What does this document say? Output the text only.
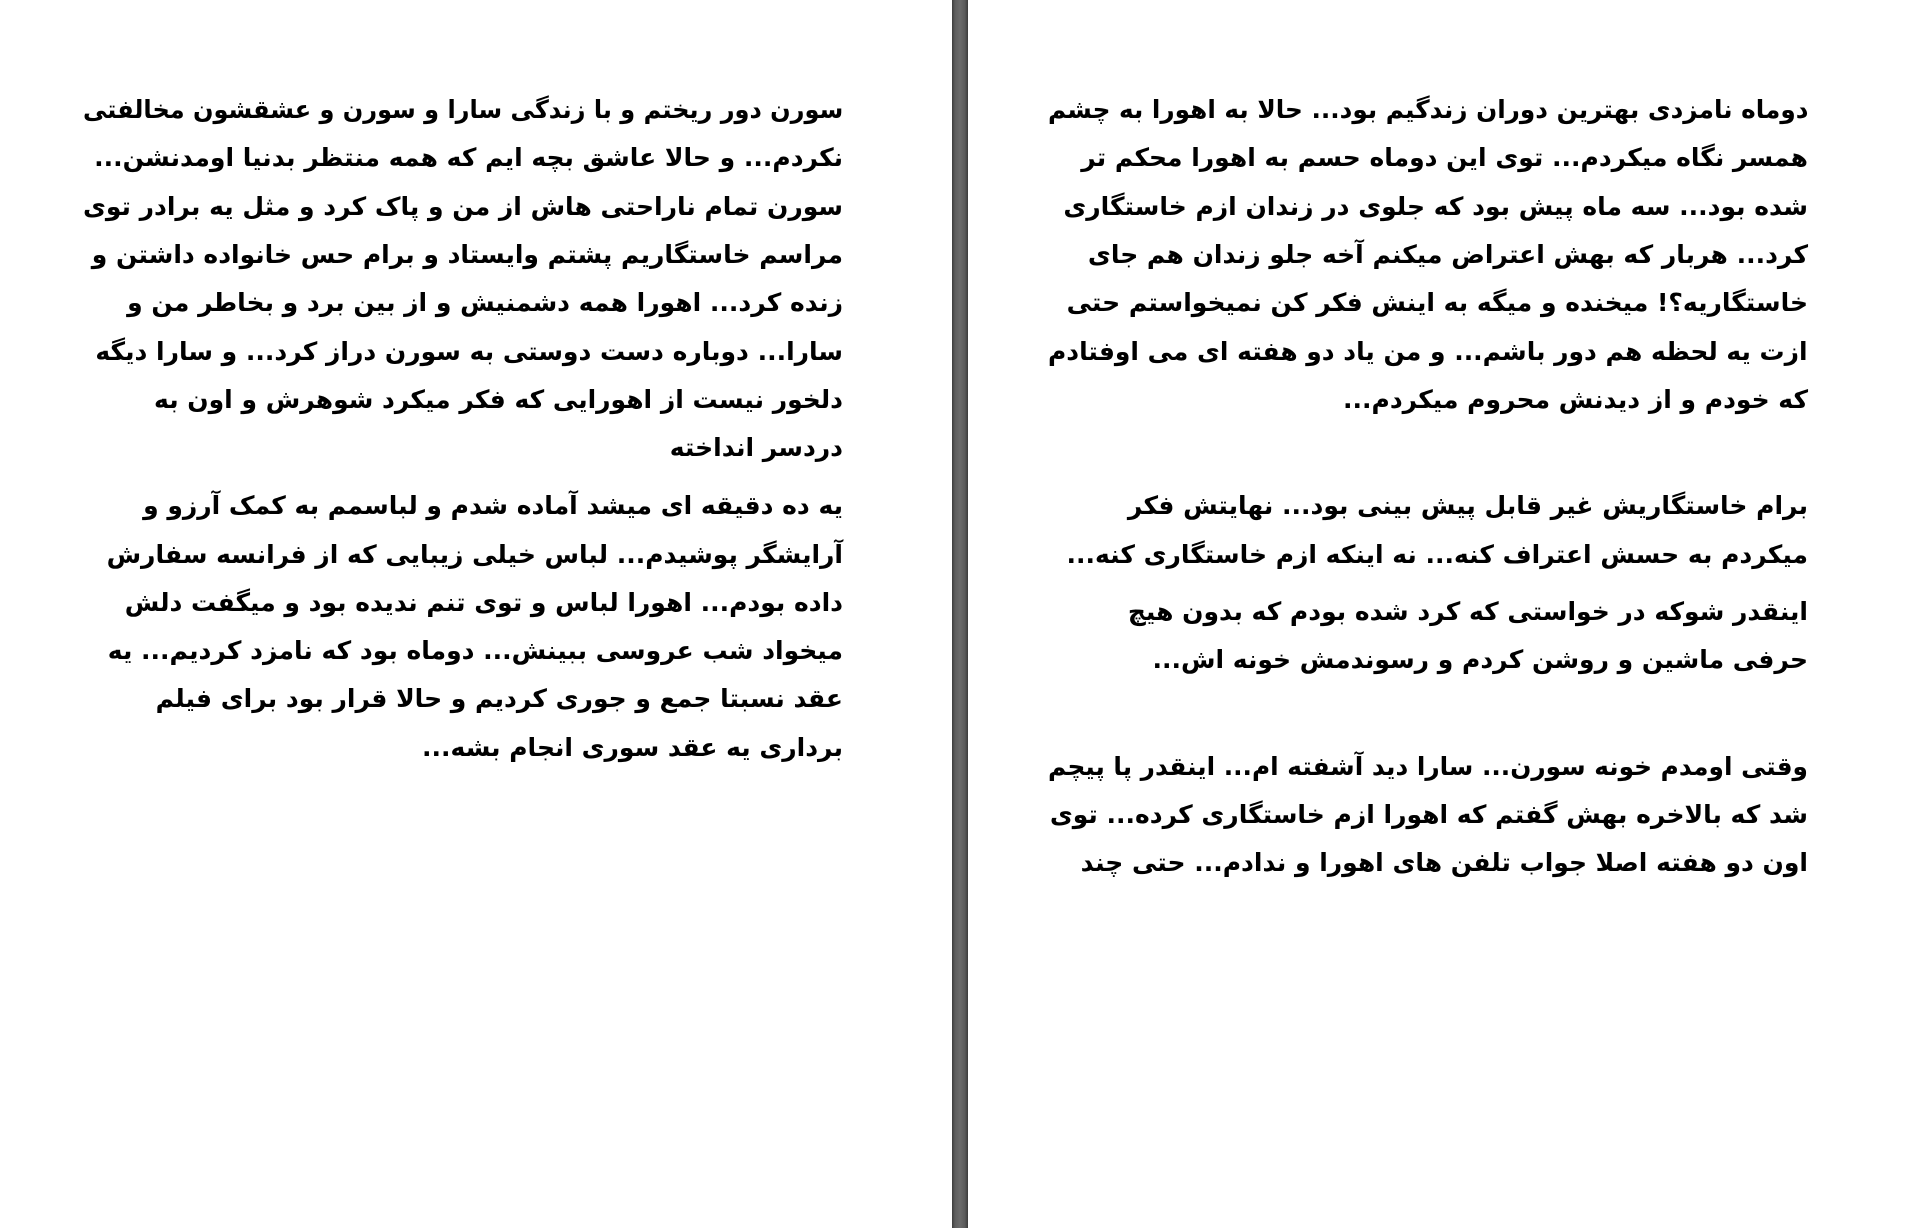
سورن دور ریختم و با زندگی سارا و سورن و عشقشون مخالفتی
نکردم... و حالا عاشق بچه ایم که همه منتظر بدنیا اومدنشن...
سورن تمام ناراحتی هاش از من و پاک کرد و مثل یه برادر توی
مراسم خاستگاریم پشتم وایستاد و برام حس خانواده داشتن و
زنده کرد... اهورا همه دشمنیش و از بین برد و بخاطر من و
سارا... دوباره دست دوستی به سورن دراز کرد... و سارا دیگه
دلخور نیست از اهورایی که فکر میکرد شوهرش و اون به
دردسر انداخته
یه ده دقیقه ای میشد آماده شدم و لباسمم به کمک آرزو و
آرایشگر پوشیدم... لباس خیلی زیبایی که از فرانسه سفارش
داده بودم... اهورا لباس و توی تنم ندیده بود و میگفت دلش
میخواد شب عروسی ببینش... دوماه بود که نامزد کردیم... یه
عقد نسبتا جمع و جوری کردیم و حالا قرار بود برای فیلم
برداری یه عقد سوری انجام بشه...
دوماه نامزدی بهترین دوران زندگیم بود... حالا به اهورا به چشم
همسر نگاه میکردم... توی این دوماه حسم به اهورا محکم تر
شده بود... سه ماه پیش بود که جلوی در زندان ازم خاستگاری
کرد... هربار که بهش اعتراض میکنم آخه جلو زندان هم جای
خاستگاریه؟! میخنده و میگه به اینش فکر کن نمیخواستم حتی
ازت یه لحظه هم دور باشم... و من یاد دو هفته ای می اوفتادم
که خودم و از دیدنش محروم میکردم...
برام خاستگاریش غیر قابل پیش بینی بود... نهایتش فکر
میکردم به حسش اعتراف کنه... نه اینکه ازم خاستگاری کنه...
اینقدر شوکه در خواستی که کرد شده بودم که بدون هیچ
حرفی ماشین و روشن کردم و رسوندمش خونه اش...
وقتی اومدم خونه سورن... سارا دید آشفته ام... اینقدر پا پیچم
شد که بالاخره بهش گفتم که اهورا ازم خاستگاری کرده... توی
اون دو هفته اصلا جواب تلفن های اهورا و ندادم... حتی چند
